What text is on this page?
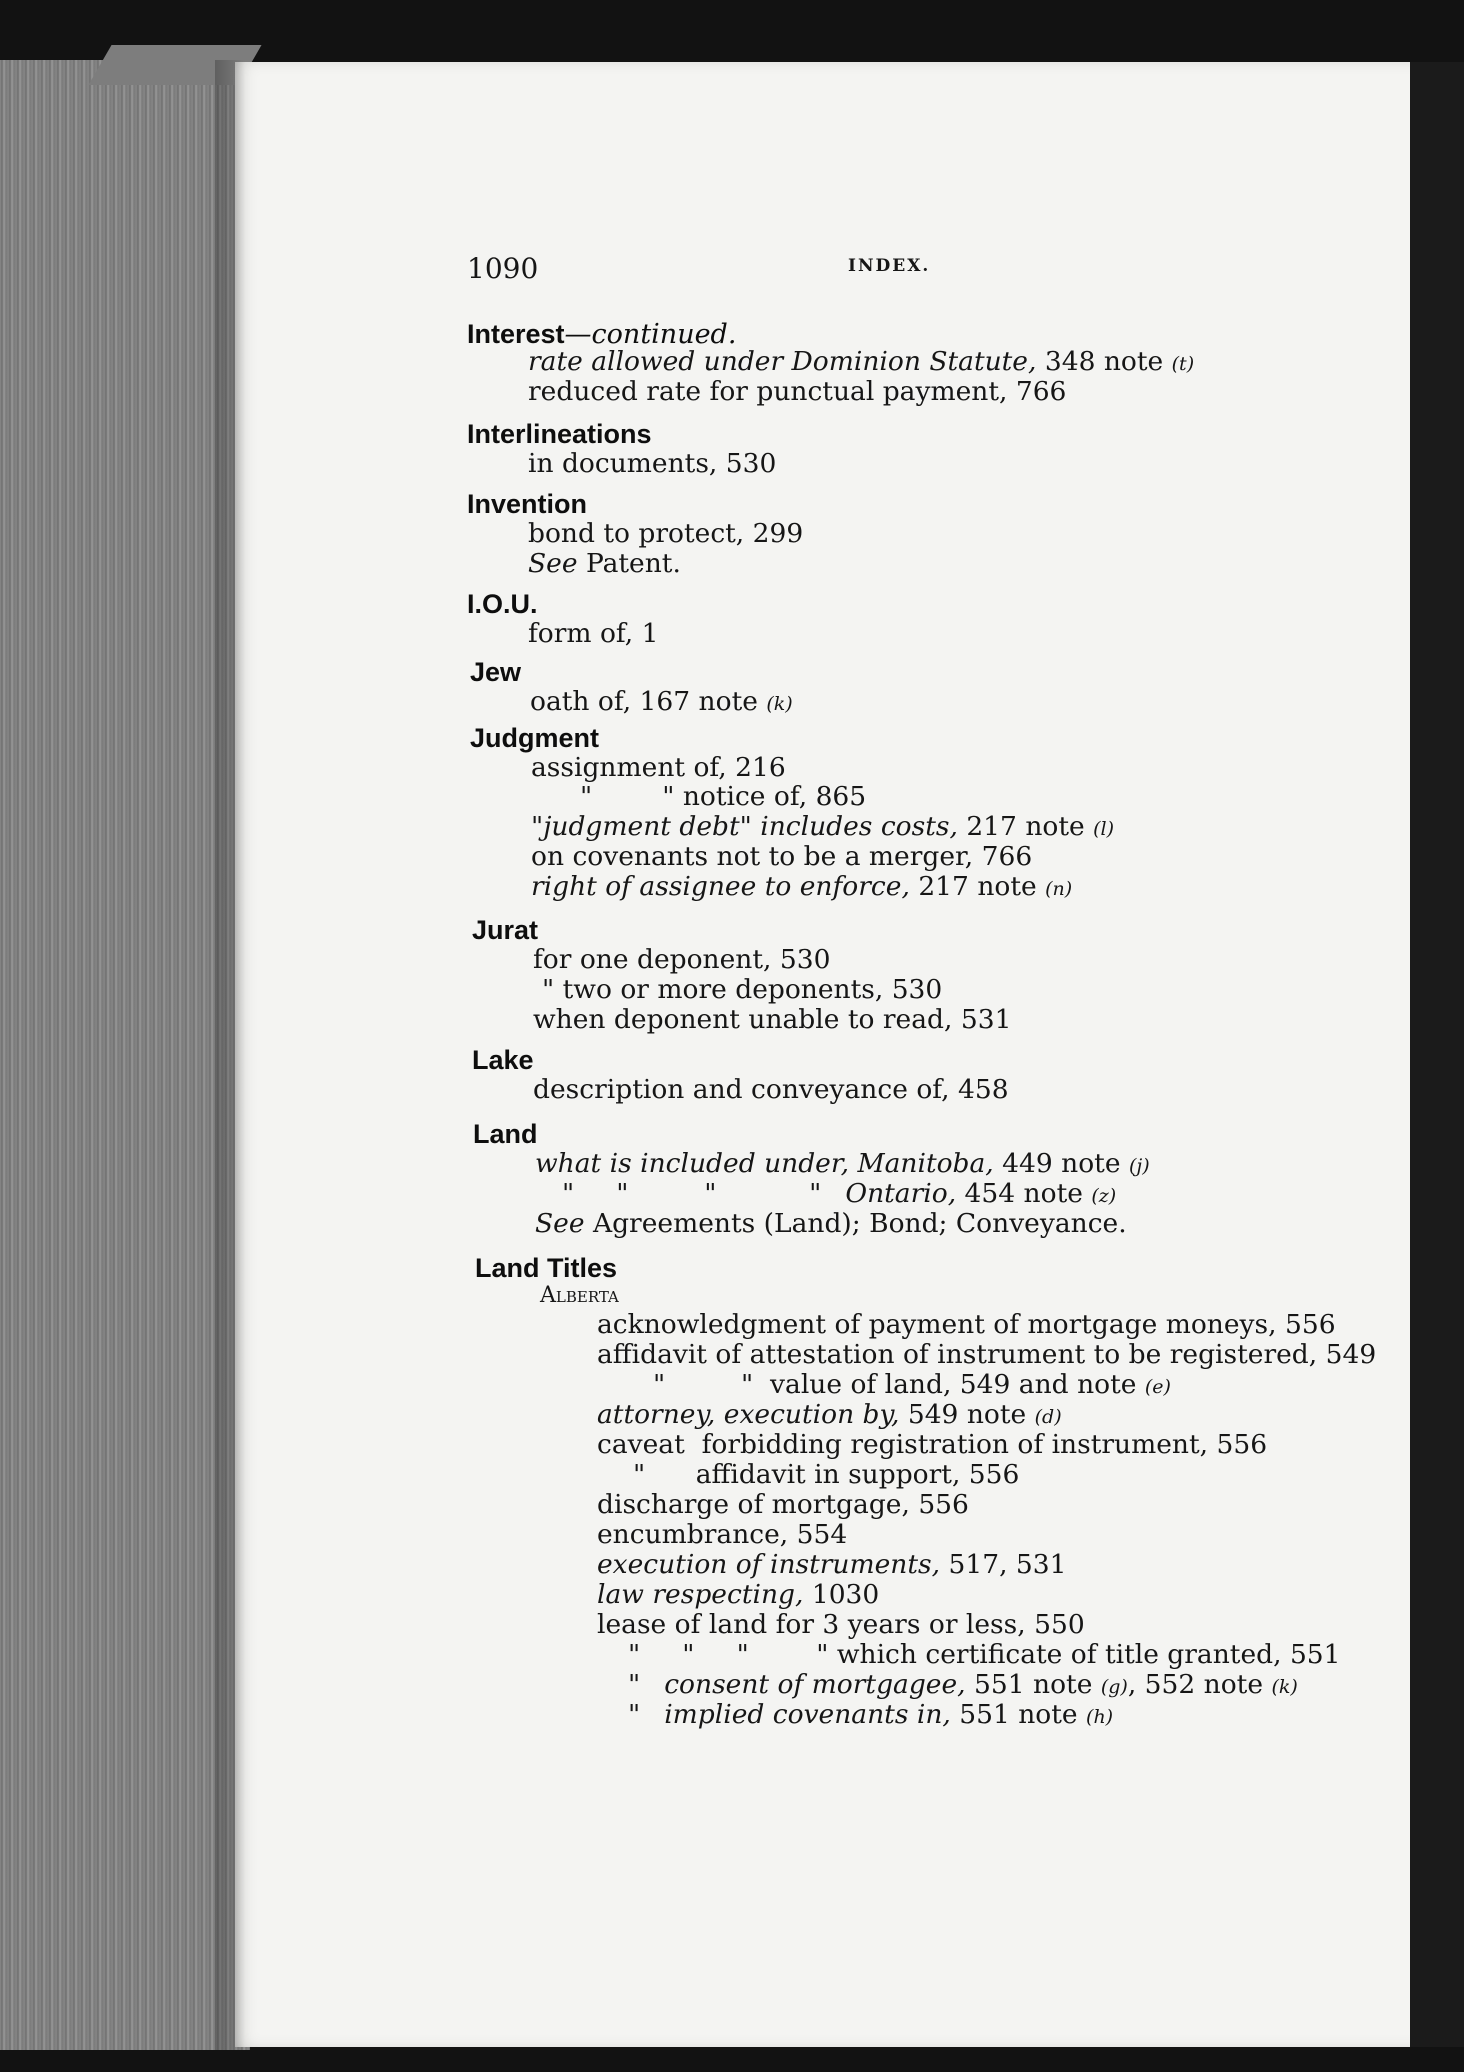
1090	INDEX.
Interest—continued.
rate allowed under Dominion Statute, 348 note (t)
reduced rate for punctual payment, 766
Interlineations
in documents, 530
Invention
bond to protect, 299
See Patent.
I.O.U.
form of, 1
Jew
oath of, 167 note (k)
Judgment
assignment of, 216
"	" notice of, 865
"judgment debt" includes costs, 217 note (l)
on covenants not to be a merger, 766
right of assignee to enforce, 217 note (n)
Jurat
for one deponent, 530
" two or more deponents, 530
when deponent unable to read, 531
Lake
description and conveyance of, 458
Land
what is included under, Manitoba, 449 note (j)
"     "         "           " Ontario, 454 note (z)
See Agreements (Land); Bond; Conveyance.
Land Titles
Alberta
acknowledgment of payment of mortgage moneys, 556
affidavit of attestation of instrument to be registered, 549
"         "  value of land, 549 and note (e)
attorney, execution by, 549 note (d)
caveat  forbidding registration of instrument, 556
"      affidavit in support, 556
discharge of mortgage, 556
encumbrance, 554
execution of instruments, 517, 531
law respecting, 1030
lease of land for 3 years or less, 550
"     "     "        " which certificate of title granted, 551
" consent of mortgagee, 551 note (g), 552 note (k)
" implied covenants in, 551 note (h)
